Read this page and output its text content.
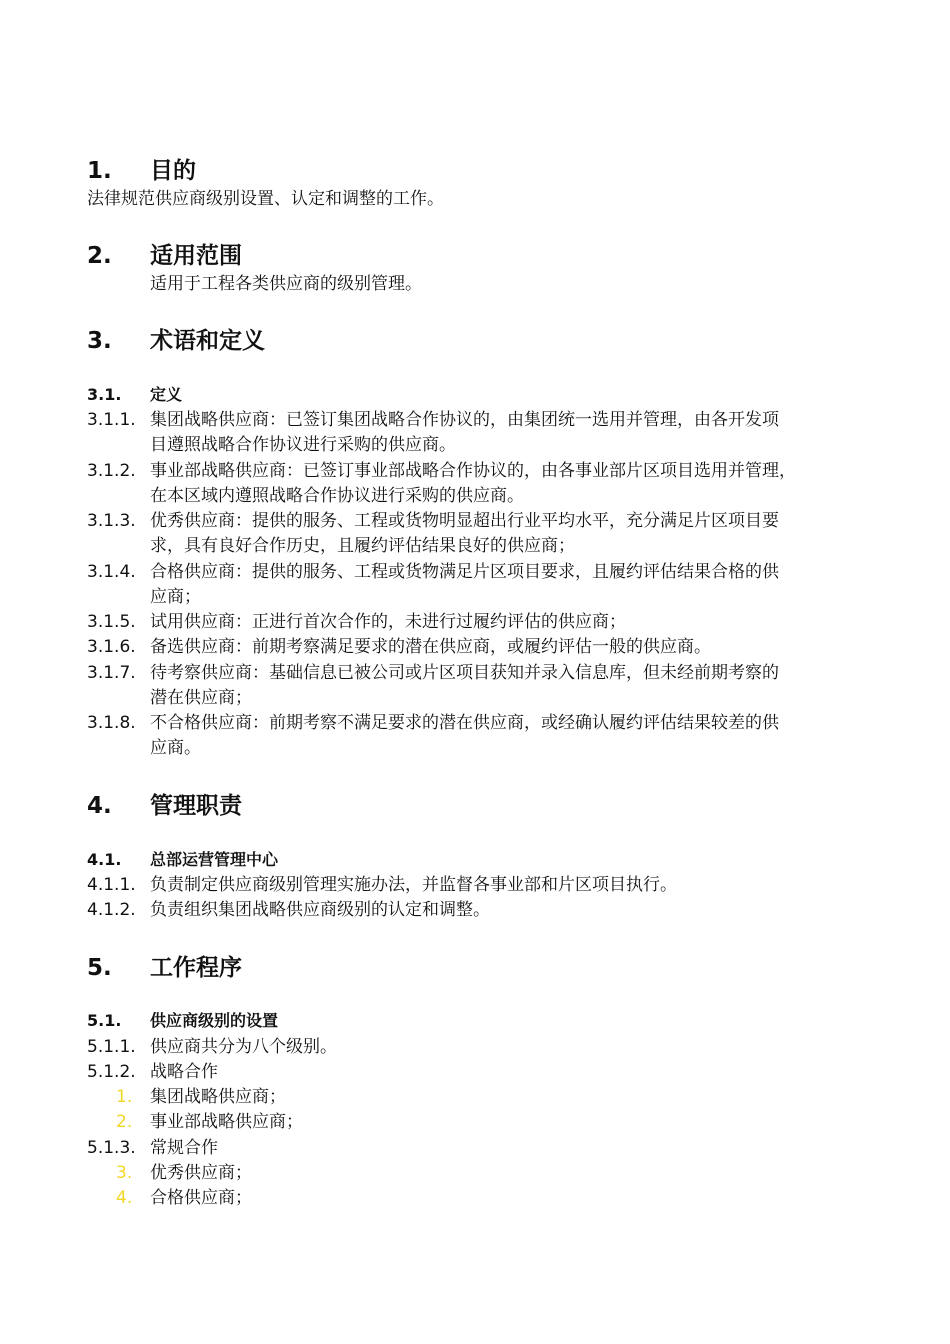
1. 目的
法律规范供应商级别设置、认定和调整的工作。
2. 适用范围
适用于工程各类供应商的级别管理。
3. 术语和定义
3.1. 定义
3.1.1. 集团战略供应商：已签订集团战略合作协议的，由集团统一选用并管理，由各开发项
目遵照战略合作协议进行采购的供应商。
3.1.2. 事业部战略供应商：已签订事业部战略合作协议的，由各事业部片区项目选用并管理，
在本区域内遵照战略合作协议进行采购的供应商。
3.1.3. 优秀供应商：提供的服务、工程或货物明显超出行业平均水平，充分满足片区项目要
求，具有良好合作历史，且履约评估结果良好的供应商；
3.1.4. 合格供应商：提供的服务、工程或货物满足片区项目要求，且履约评估结果合格的供
应商；
3.1.5. 试用供应商：正进行首次合作的，未进行过履约评估的供应商；
3.1.6. 备选供应商：前期考察满足要求的潜在供应商，或履约评估一般的供应商。
3.1.7. 待考察供应商：基础信息已被公司或片区项目获知并录入信息库，但未经前期考察的
潜在供应商；
3.1.8. 不合格供应商：前期考察不满足要求的潜在供应商，或经确认履约评估结果较差的供
应商。
4. 管理职责
4.1. 总部运营管理中心
4.1.1. 负责制定供应商级别管理实施办法，并监督各事业部和片区项目执行。
4.1.2. 负责组织集团战略供应商级别的认定和调整。
5. 工作程序
5.1. 供应商级别的设置
5.1.1. 供应商共分为八个级别。
5.1.2. 战略合作
1. 集团战略供应商；
2. 事业部战略供应商；
5.1.3. 常规合作
3. 优秀供应商；
4. 合格供应商；
